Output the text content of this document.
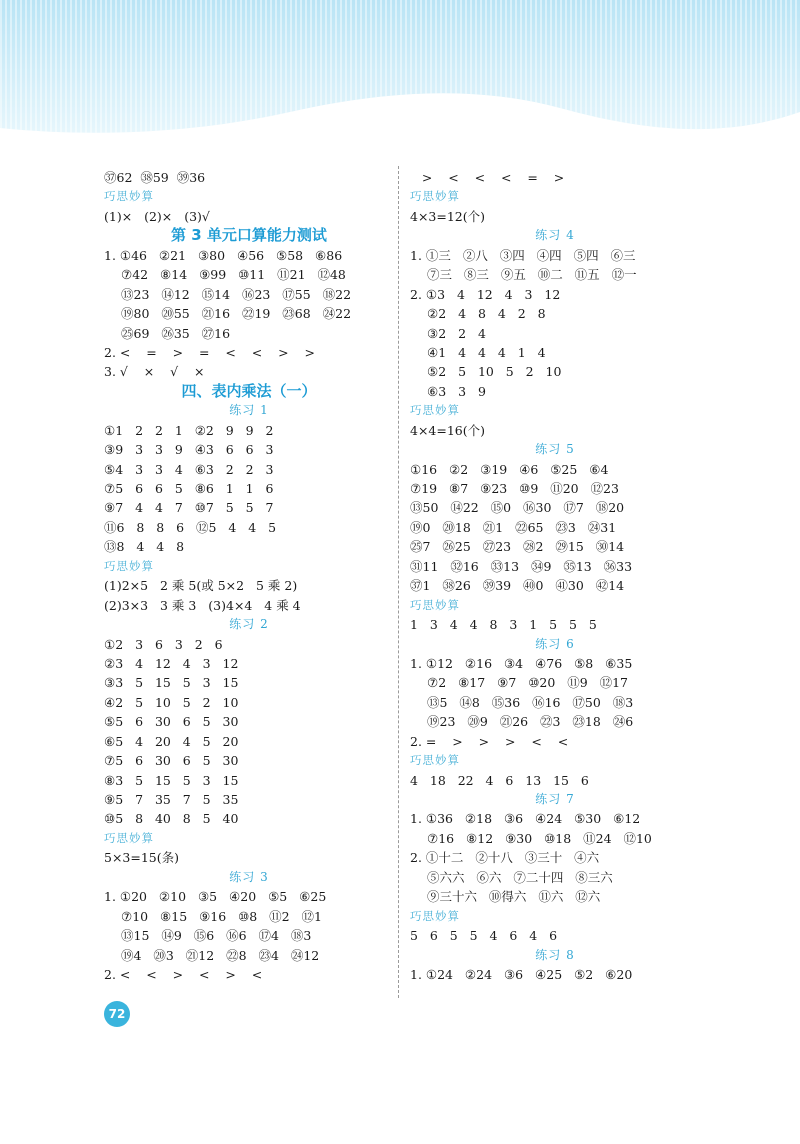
㊲62  ㊳59  ㊴36
巧思妙算
(1)×   (2)×   (3)√
第 3 单元口算能力测试
1. ①46   ②21   ③80   ④56   ⑤58   ⑥86
⑦42   ⑧14   ⑨99   ⑩11   ⑪21   ⑫48
⑬23   ⑭12   ⑮14   ⑯23   ⑰55   ⑱22
⑲80   ⑳55   ㉑16   ㉒19   ㉓68   ㉔22
㉕69   ㉖35   ㉗16
2. <    =    >    =    <    <    >    >
3. √    ×    √    ×
四、表内乘法（一）
练习 1
①1   2   2   1   ②2   9   9   2
③9   3   3   9   ④3   6   6   3
⑤4   3   3   4   ⑥3   2   2   3
⑦5   6   6   5   ⑧6   1   1   6
⑨7   4   4   7   ⑩7   5   5   7
⑪6   8   8   6   ⑫5   4   4   5
⑬8   4   4   8
巧思妙算
(1)2×5   2 乘 5(或 5×2   5 乘 2)
(2)3×3   3 乘 3   (3)4×4   4 乘 4
练习 2
①2   3   6   3   2   6
②3   4   12   4   3   12
③3   5   15   5   3   15
④2   5   10   5   2   10
⑤5   6   30   6   5   30
⑥5   4   20   4   5   20
⑦5   6   30   6   5   30
⑧3   5   15   5   3   15
⑨5   7   35   7   5   35
⑩5   8   40   8   5   40
巧思妙算
5×3=15(条)
练习 3
1. ①20   ②10   ③5   ④20   ⑤5   ⑥25
⑦10   ⑧15   ⑨16   ⑩8   ⑪2   ⑫1
⑬15   ⑭9   ⑮6   ⑯6   ⑰4   ⑱3
⑲4   ⑳3   ㉑12   ㉒8   ㉓4   ㉔12
2. <    <    >    <    >    <
>    <    <    <    =    >
巧思妙算
4×3=12(个)
练习 4
1. ①三   ②八   ③四   ④四   ⑤四   ⑥三
⑦三   ⑧三   ⑨五   ⑩二   ⑪五   ⑫一
2. ①3   4   12   4   3   12
②2   4   8   4   2   8
③2   2   4
④1   4   4   4   1   4
⑤2   5   10   5   2   10
⑥3   3   9
巧思妙算
4×4=16(个)
练习 5
①16   ②2   ③19   ④6   ⑤25   ⑥4
⑦19   ⑧7   ⑨23   ⑩9   ⑪20   ⑫23
⑬50   ⑭22   ⑮0   ⑯30   ⑰7   ⑱20
⑲0   ⑳18   ㉑1   ㉒65   ㉓3   ㉔31
㉕7   ㉖25   ㉗23   ㉘2   ㉙15   ㉚14
㉛11   ㉜16   ㉝13   ㉞9   ㉟13   ㊱33
㊲1   ㊳26   ㊴39   ㊵0   ㊶30   ㊷14
巧思妙算
1   3   4   4   8   3   1   5   5   5
练习 6
1. ①12   ②16   ③4   ④76   ⑤8   ⑥35
⑦2   ⑧17   ⑨7   ⑩20   ⑪9   ⑫17
⑬5   ⑭8   ⑮36   ⑯16   ⑰50   ⑱3
⑲23   ⑳9   ㉑26   ㉒3   ㉓18   ㉔6
2. =    >    >    >    <    <
巧思妙算
4   18   22   4   6   13   15   6
练习 7
1. ①36   ②18   ③6   ④24   ⑤30   ⑥12
⑦16   ⑧12   ⑨30   ⑩18   ⑪24   ⑫10
2. ①十二   ②十八   ③三十   ④六
⑤六六   ⑥六   ⑦二十四   ⑧三六
⑨三十六   ⑩得六   ⑪六   ⑫六
巧思妙算
5   6   5   5   4   6   4   6
练习 8
1. ①24   ②24   ③6   ④25   ⑤2   ⑥20
72
